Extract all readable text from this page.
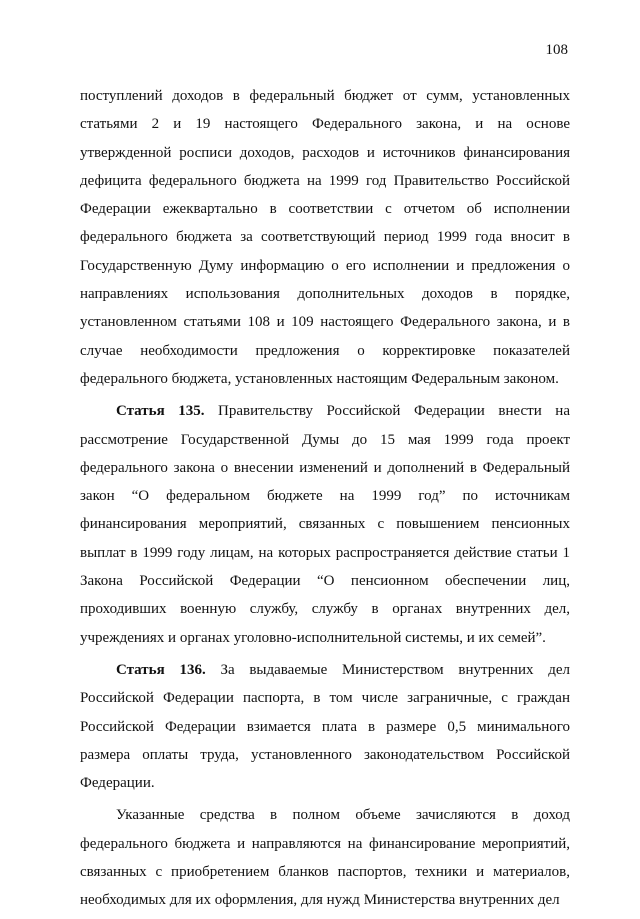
108

поступлений доходов в федеральный бюджет от сумм, установленных статьями 2 и 19 настоящего Федерального закона, и на основе утвержденной росписи доходов, расходов и источников финансирования дефицита федерального бюджета на 1999 год Правительство Российской Федерации ежеквартально в соответствии с отчетом об исполнении федерального бюджета за соответствующий период 1999 года вносит в Государственную Думу информацию о его исполнении и предложения о направлениях использования дополнительных доходов в порядке, установленном статьями 108 и 109 настоящего Федерального закона, и в случае необходимости предложения о корректировке показателей федерального бюджета, установленных настоящим Федеральным законом.

Статья 135. Правительству Российской Федерации внести на рассмотрение Государственной Думы до 15 мая 1999 года проект федерального закона о внесении изменений и дополнений в Федеральный закон “О федеральном бюджете на 1999 год” по источникам финансирования мероприятий, связанных с повышением пенсионных выплат в 1999 году лицам, на которых распространяется действие статьи 1 Закона Российской Федерации “О пенсионном обеспечении лиц, проходивших военную службу, службу в органах внутренних дел, учреждениях и органах уголовно-исполнительной системы, и их семей”.

Статья 136. За выдаваемые Министерством внутренних дел Российской Федерации паспорта, в том числе заграничные, с граждан Российской Федерации взимается плата в размере 0,5 минимального размера оплаты труда, установленного законодательством Российской Федерации.

Указанные средства в полном объеме зачисляются в доход федерального бюджета и направляются на финансирование мероприятий, связанных с приобретением бланков паспортов, техники и материалов, необходимых для их оформления, для нужд Министерства внутренних дел
